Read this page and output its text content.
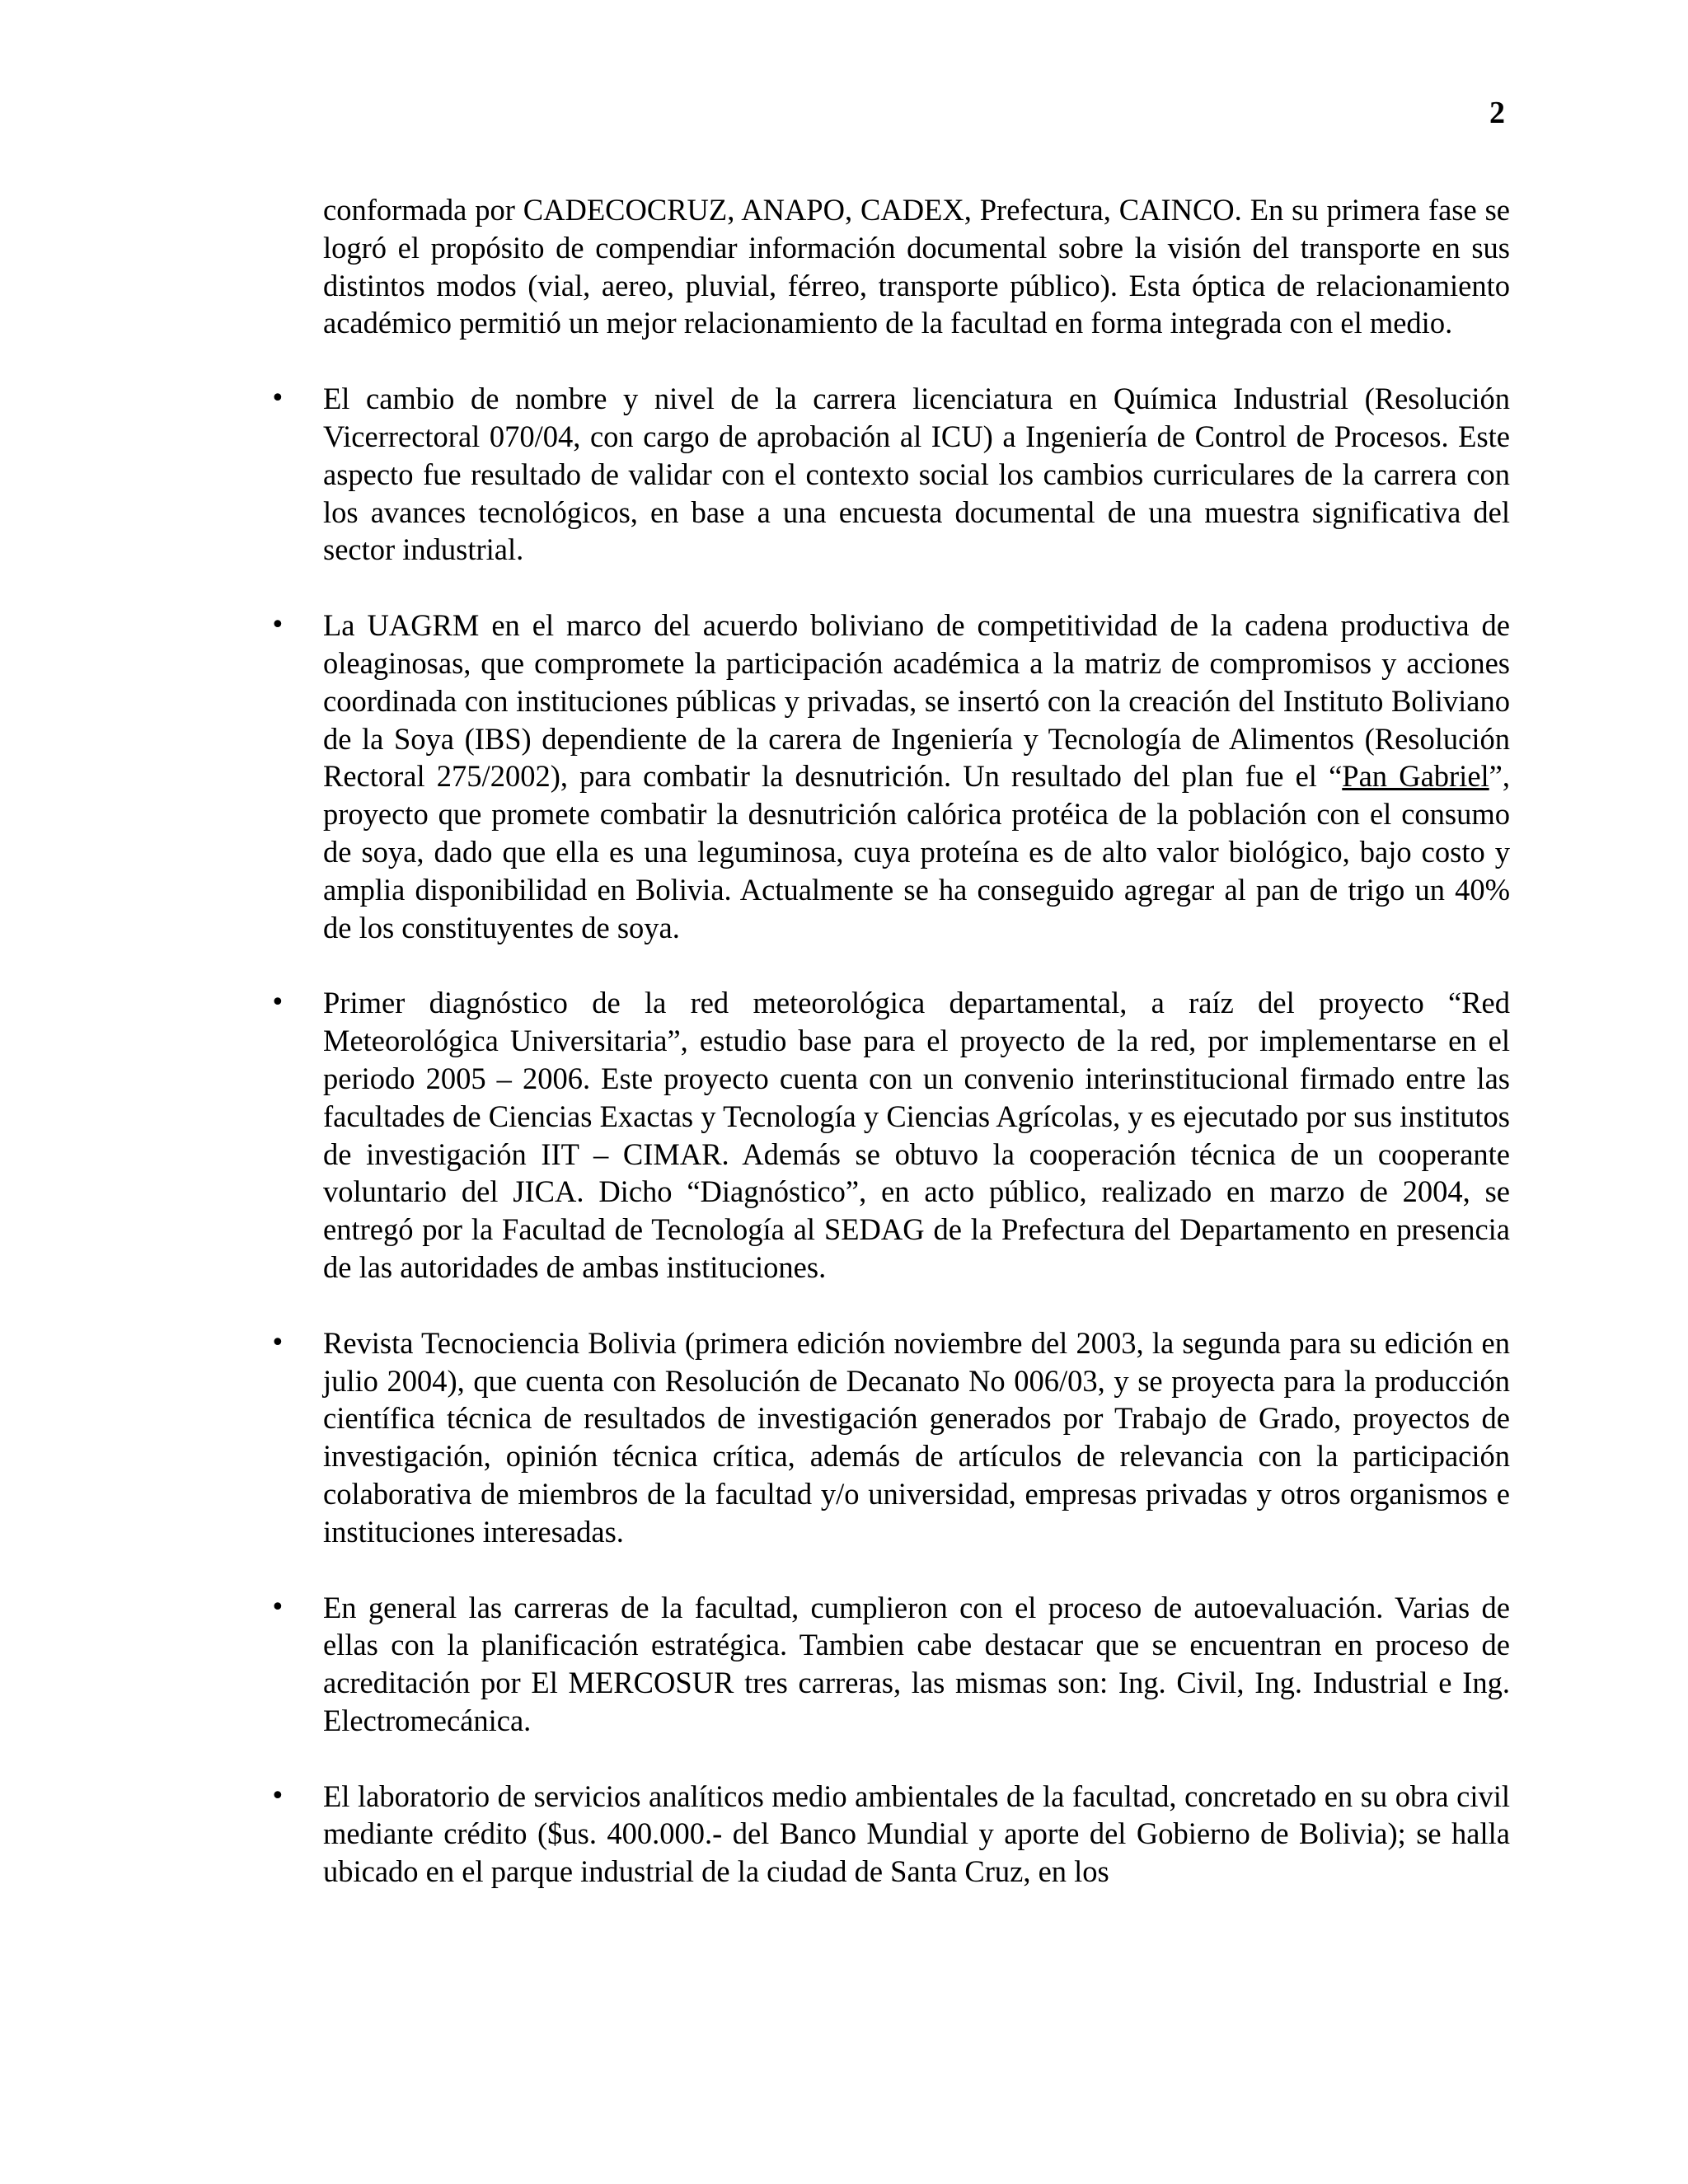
2

conformada por CADECOCRUZ, ANAPO, CADEX, Prefectura, CAINCO. En su primera fase se logró el propósito de compendiar información documental sobre la visión del transporte en sus distintos modos (vial, aereo, pluvial, férreo, transporte público). Esta óptica de relacionamiento académico permitió un mejor relacionamiento de la facultad en forma integrada con el medio.

• El cambio de nombre y nivel de la carrera licenciatura en Química Industrial (Resolución Vicerrectoral 070/04, con cargo de aprobación al ICU) a Ingeniería de Control de Procesos. Este aspecto fue resultado de validar con el contexto social los cambios curriculares de la carrera con los avances tecnológicos, en base a una encuesta documental de una muestra significativa del sector industrial.
• La UAGRM en el marco del acuerdo boliviano de competitividad de la cadena productiva de oleaginosas, que compromete la participación académica a la matriz de compromisos y acciones coordinada con instituciones públicas y privadas, se insertó con la creación del Instituto Boliviano de la Soya (IBS) dependiente de la carera de Ingeniería y Tecnología de Alimentos (Resolución Rectoral 275/2002), para combatir la desnutrición. Un resultado del plan fue el “Pan Gabriel”, proyecto que promete combatir la desnutrición calórica protéica de la población con el consumo de soya, dado que ella es una leguminosa, cuya proteína es de alto valor biológico, bajo costo y amplia disponibilidad en Bolivia. Actualmente se ha conseguido agregar al pan de trigo un 40% de los constituyentes de soya.
• Primer diagnóstico de la red meteorológica departamental, a raíz del proyecto “Red Meteorológica Universitaria”, estudio base para el proyecto de la red, por implementarse en el periodo 2005 – 2006. Este proyecto cuenta con un convenio interinstitucional firmado entre las facultades de Ciencias Exactas y Tecnología y Ciencias Agrícolas, y es ejecutado por sus institutos de investigación IIT – CIMAR. Además se obtuvo la cooperación técnica de un cooperante voluntario del JICA. Dicho “Diagnóstico”, en acto público, realizado en marzo de 2004, se entregó por la Facultad de Tecnología al SEDAG de la Prefectura del Departamento en presencia de las autoridades de ambas instituciones.
• Revista Tecnociencia Bolivia (primera edición noviembre del 2003, la segunda para su edición en julio 2004), que cuenta con Resolución de Decanato No 006/03, y se proyecta para la producción científica técnica de resultados de investigación generados por Trabajo de Grado, proyectos de investigación, opinión técnica crítica, además de artículos de relevancia con la participación colaborativa de miembros de la facultad y/o universidad, empresas privadas y otros organismos e instituciones interesadas.
• En general las carreras de la facultad, cumplieron con el proceso de autoevaluación. Varias de ellas con la planificación estratégica. Tambien cabe destacar que se encuentran en proceso de acreditación por El MERCOSUR tres carreras, las mismas son: Ing. Civil, Ing. Industrial e Ing. Electromecánica.
• El laboratorio de servicios analíticos medio ambientales de la facultad, concretado en su obra civil mediante crédito ($us. 400.000.- del Banco Mundial y aporte del Gobierno de Bolivia); se halla ubicado en el parque industrial de la ciudad de Santa Cruz, en los
